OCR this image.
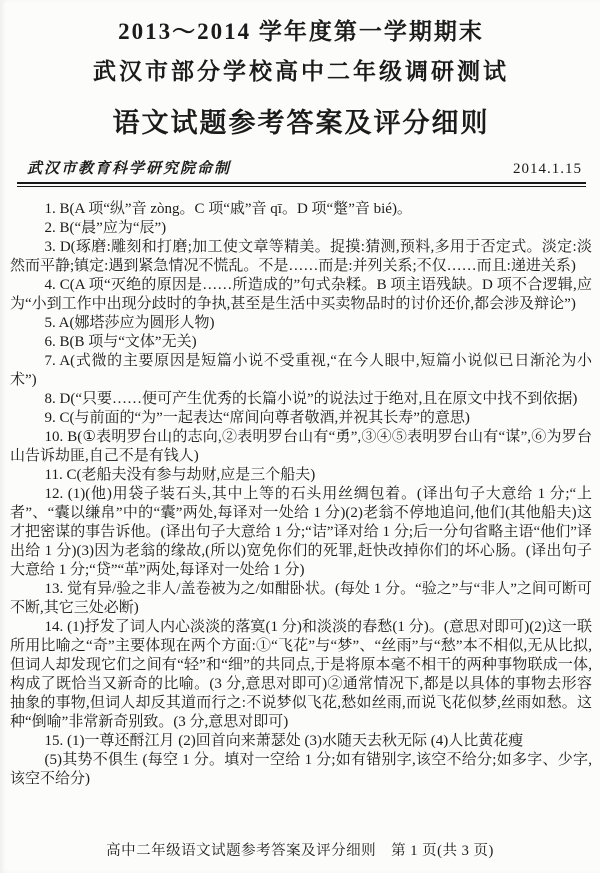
2013～2014 学年度第一学期期末
武汉市部分学校高中二年级调研测试
语文试题参考答案及评分细则
武汉市教育科学研究院命制	2014.1.15

1. B(A 项“纵”音 zòng。C 项“戚”音 qī。D 项“蹩”音 bié)。

2. B(“晨”应为“辰”)

3. D(琢磨:雕刻和打磨;加工使文章等精美。捉摸:猜测,预料,多用于否定式。淡定:淡然而平静;镇定:遇到紧急情况不慌乱。不是……而是:并列关系;不仅……而且:递进关系)

4. C(A 项“灭绝的原因是……所造成的”句式杂糅。B 项主语残缺。D 项不合逻辑,应为“小到工作中出现分歧时的争执,甚至是生活中买卖物品时的讨价还价,都会涉及辩论”)

5. A(娜塔莎应为圆形人物)

6. B(B 项与“文体”无关)

7. A(式微的主要原因是短篇小说不受重视,“在今人眼中,短篇小说似已日渐沦为小术”)

8. D(“只要……便可产生优秀的长篇小说”的说法过于绝对,且在原文中找不到依据)

9. C(与前面的“为”一起表达“席间向尊者敬酒,并祝其长寿”的意思)

10. B(①表明罗台山的志向,②表明罗台山有“勇”,③④⑤表明罗台山有“谋”,⑥为罗台山告诉劫匪,自己不是有钱人)

11. C(老船夫没有参与劫财,应是三个船夫)

12. (1)(他)用袋子装石头,其中上等的石头用丝绸包着。(译出句子大意给 1 分;“上者”、“囊以缣帛”中的“囊”两处,每译对一处给 1 分)(2)老翁不停地追问,他们(其他船夫)这才把密谋的事告诉他。(译出句子大意给 1 分;“诘”译对给 1 分;后一分句省略主语“他们”译出给 1 分)(3)因为老翁的缘故,(所以)宽免你们的死罪,赶快改掉你们的坏心肠。(译出句子大意给 1 分;“贷”“革”两处,每译对一处给 1 分)

13. 觉有异/验之非人/盖卷被为之/如酣卧状。(每处 1 分。“验之”与“非人”之间可断可不断,其它三处必断)

14. (1)抒发了词人内心淡淡的落寞(1 分)和淡淡的春愁(1 分)。(意思对即可)(2)这一联所用比喻之“奇”主要体现在两个方面:①“飞花”与“梦”、“丝雨”与“愁”本不相似,无从比拟,但词人却发现它们之间有“轻”和“细”的共同点,于是将原本毫不相干的两种事物联成一体,构成了既恰当又新奇的比喻。(3 分,意思对即可)②通常情况下,都是以具体的事物去形容抽象的事物,但词人却反其道而行之:不说梦似飞花,愁如丝雨,而说飞花似梦,丝雨如愁。这种“倒喻”非常新奇别致。(3 分,意思对即可)

15. (1)一尊还酹江月 (2)回首向来萧瑟处 (3)水随天去秋无际 (4)人比黄花瘦

(5)其势不俱生 (每空 1 分。填对一空给 1 分;如有错别字,该空不给分;如多字、少字,该空不给分)

高中二年级语文试题参考答案及评分细则　第 1 页(共 3 页)
